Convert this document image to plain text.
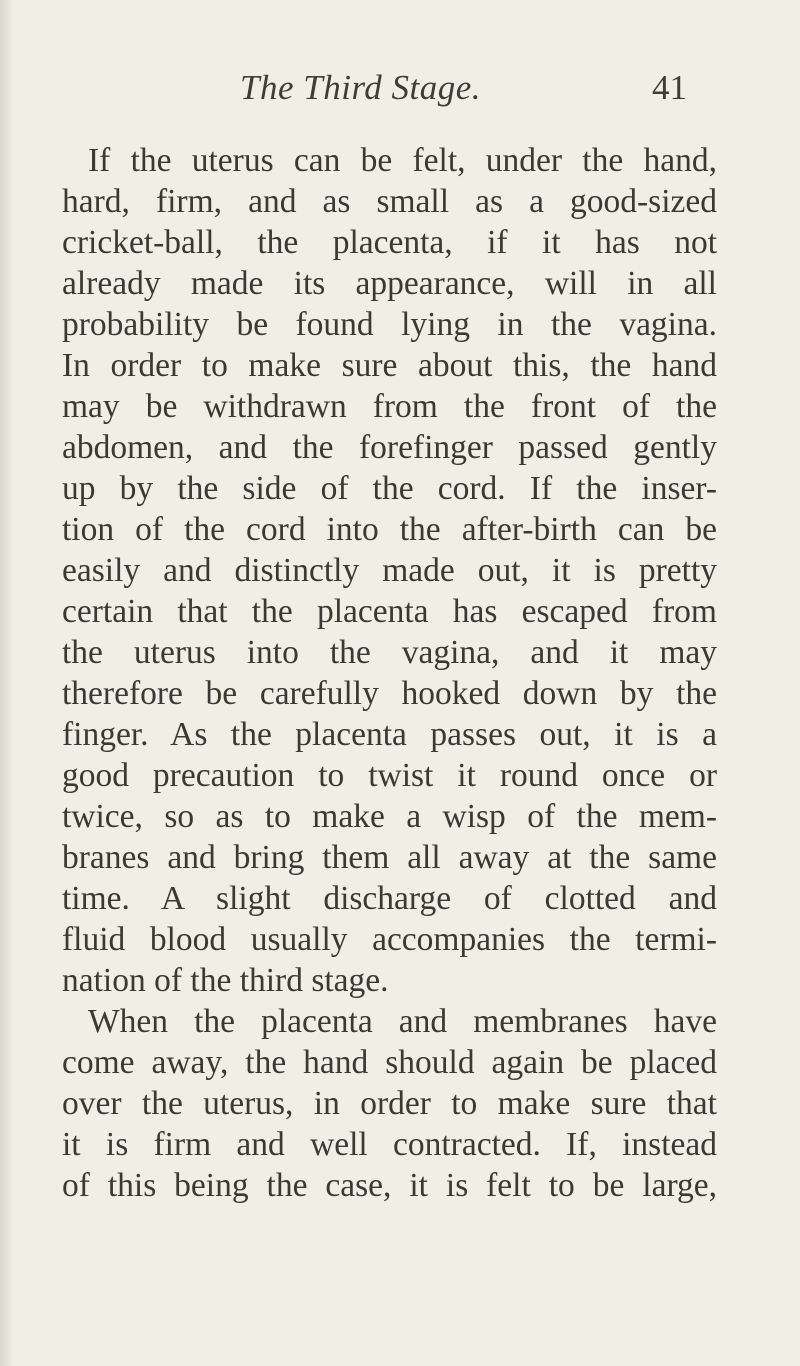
The Third Stage.	41
If the uterus can be felt, under the hand,
hard, firm, and as small as a good-sized
cricket-ball, the placenta, if it has not
already made its appearance, will in all
probability be found lying in the vagina.
In order to make sure about this, the hand
may be withdrawn from the front of the
abdomen, and the forefinger passed gently
up by the side of the cord. If the inser-
tion of the cord into the after-birth can be
easily and distinctly made out, it is pretty
certain that the placenta has escaped from
the uterus into the vagina, and it may
therefore be carefully hooked down by the
finger. As the placenta passes out, it is a
good precaution to twist it round once or
twice, so as to make a wisp of the mem-
branes and bring them all away at the same
time. A slight discharge of clotted and
fluid blood usually accompanies the termi-
nation of the third stage.
When the placenta and membranes have
come away, the hand should again be placed
over the uterus, in order to make sure that
it is firm and well contracted. If, instead
of this being the case, it is felt to be large,
